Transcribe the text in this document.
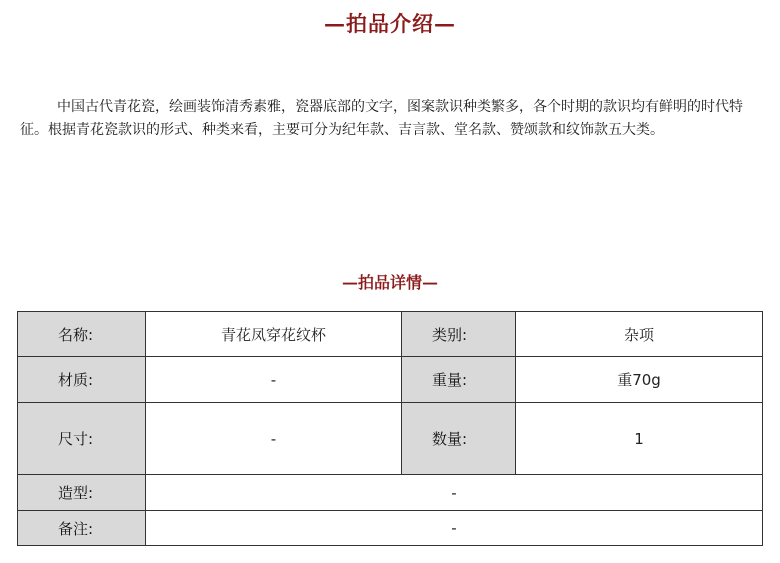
—拍品介绍—
中国古代青花瓷，绘画装饰清秀素雅，瓷器底部的文字，图案款识种类繁多，各个时期的款识均有鲜明的时代特征。根据青花瓷款识的形式、种类来看，主要可分为纪年款、吉言款、堂名款、赞颂款和纹饰款五大类。
—拍品详情—
名称:	青花凤穿花纹杯	类别:	杂项
材质:	-	重量:	重70g
尺寸:	-	数量:	1
造型:	-		
备注:	-		
